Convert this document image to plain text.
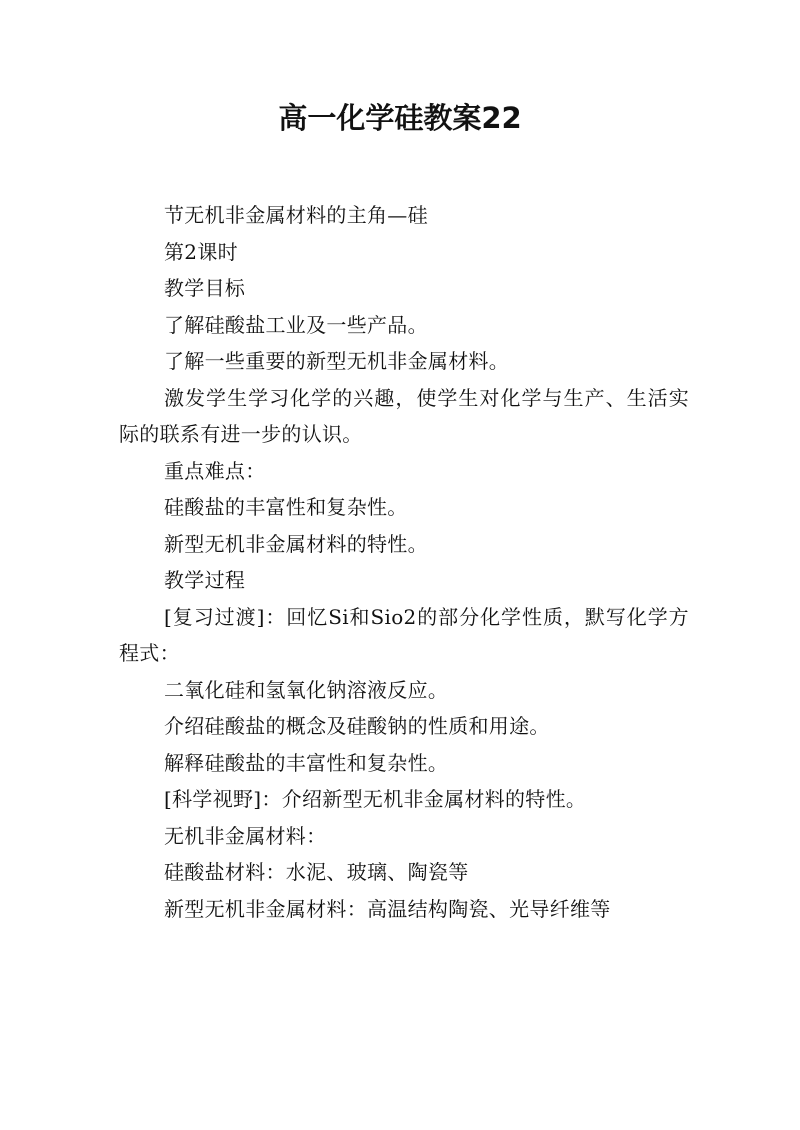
高一化学硅教案22

节无机非金属材料的主角—硅

第2课时

教学目标

了解硅酸盐工业及一些产品。

了解一些重要的新型无机非金属材料。

激发学生学习化学的兴趣，使学生对化学与生产、生活实际的联系有进一步的认识。

重点难点：

硅酸盐的丰富性和复杂性。

新型无机非金属材料的特性。

教学过程

[复习过渡]：回忆Si和Sio2的部分化学性质，默写化学方程式：

二氧化硅和氢氧化钠溶液反应。

介绍硅酸盐的概念及硅酸钠的性质和用途。

解释硅酸盐的丰富性和复杂性。

[科学视野]：介绍新型无机非金属材料的特性。

无机非金属材料：

硅酸盐材料：水泥、玻璃、陶瓷等

新型无机非金属材料：高温结构陶瓷、光导纤维等
